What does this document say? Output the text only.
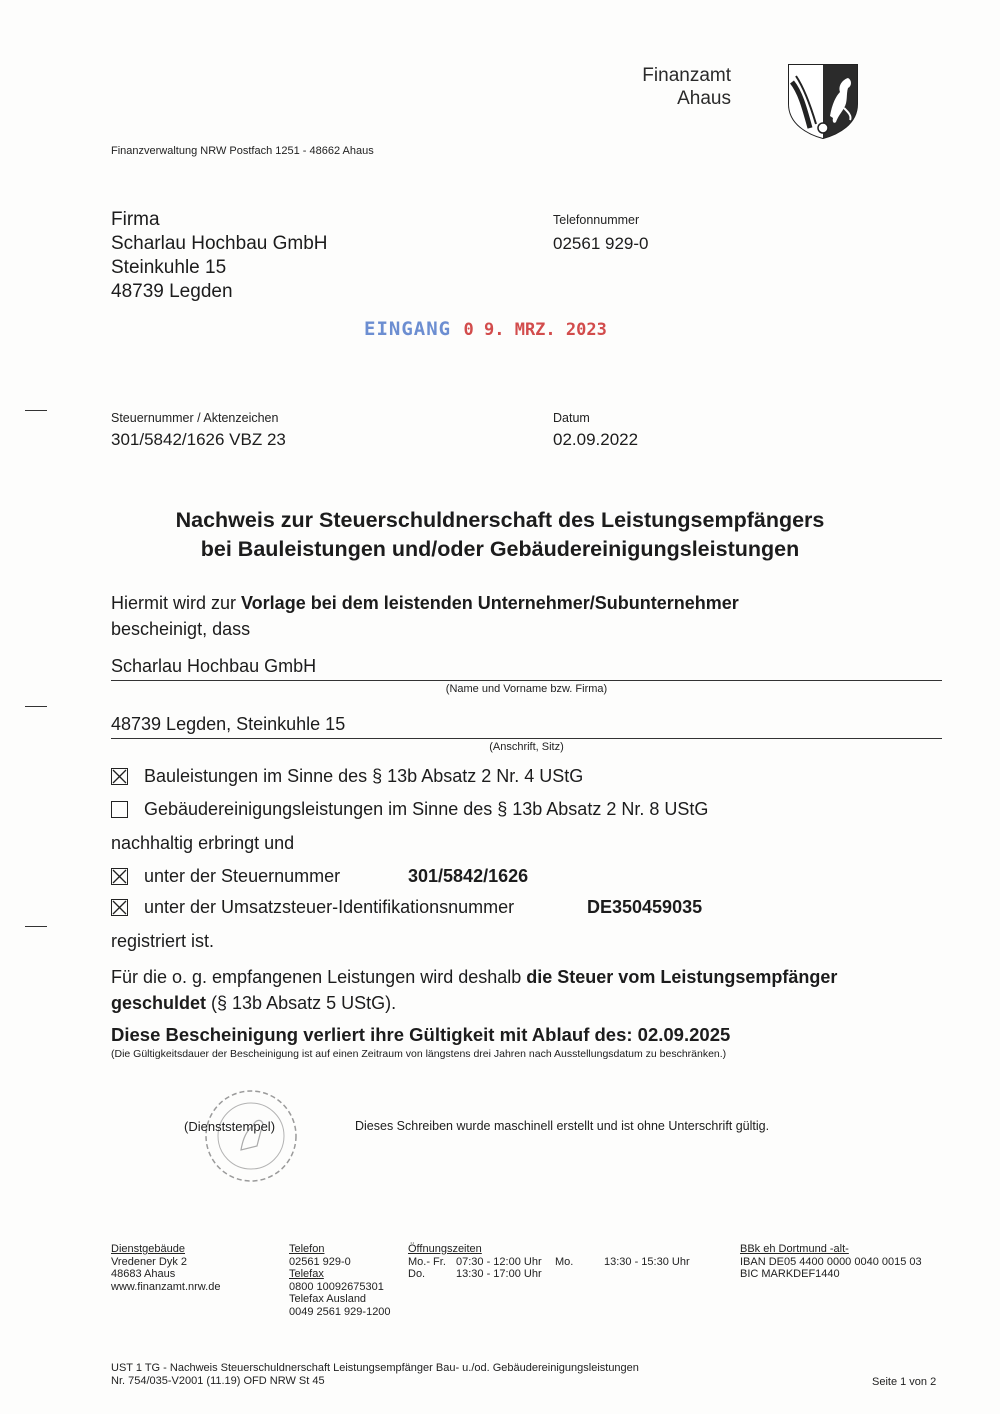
Finanzamt
Ahaus
Finanzverwaltung NRW Postfach 1251 - 48662 Ahaus
Firma
Scharlau Hochbau GmbH
Steinkuhle 15
48739 Legden
Telefonnummer
02561 929-0
EINGANG 0 9. MRZ. 2023
Steuernummer / Aktenzeichen
301/5842/1626 VBZ 23
Datum
02.09.2022
Nachweis zur Steuerschuldnerschaft des Leistungsempfängers
bei Bauleistungen und/oder Gebäudereinigungsleistungen
Hiermit wird zur Vorlage bei dem leistenden Unternehmer/Subunternehmer
bescheinigt, dass
Scharlau Hochbau GmbH
(Name und Vorname bzw. Firma)
48739 Legden, Steinkuhle 15
(Anschrift, Sitz)
Bauleistungen im Sinne des § 13b Absatz 2 Nr. 4 UStG
Gebäudereinigungsleistungen im Sinne des § 13b Absatz 2 Nr. 8 UStG
nachhaltig erbringt und
unter der Steuernummer	301/5842/1626
unter der Umsatzsteuer-Identifikationsnummer	DE350459035
registriert ist.
Für die o. g. empfangenen Leistungen wird deshalb die Steuer vom Leistungsempfänger
geschuldet (§ 13b Absatz 5 UStG).
Diese Bescheinigung verliert ihre Gültigkeit mit Ablauf des: 02.09.2025
(Die Gültigkeitsdauer der Bescheinigung ist auf einen Zeitraum von längstens drei Jahren nach Ausstellungsdatum zu beschränken.)
(Dienststempel)	Dieses Schreiben wurde maschinell erstellt und ist ohne Unterschrift gültig.
Dienstgebäude
Vredener Dyk 2
48683 Ahaus
www.finanzamt.nrw.de
Telefon
02561 929-0
Telefax
0800 10092675301
Telefax Ausland
0049 2561 929-1200
Öffnungszeiten
Mo.- Fr. 07:30 - 12:00 Uhr Mo.	13:30 - 15:30 Uhr
Do.	13:30 - 17:00 Uhr
BBk eh Dortmund -alt-
IBAN DE05 4400 0000 0040 0015 03
BIC MARKDEF1440
UST 1 TG - Nachweis Steuerschuldnerschaft Leistungsempfänger Bau- u./od. Gebäudereinigungsleistungen
Nr. 754/035-V2001 (11.19) OFD NRW St 45	Seite 1 von 2
